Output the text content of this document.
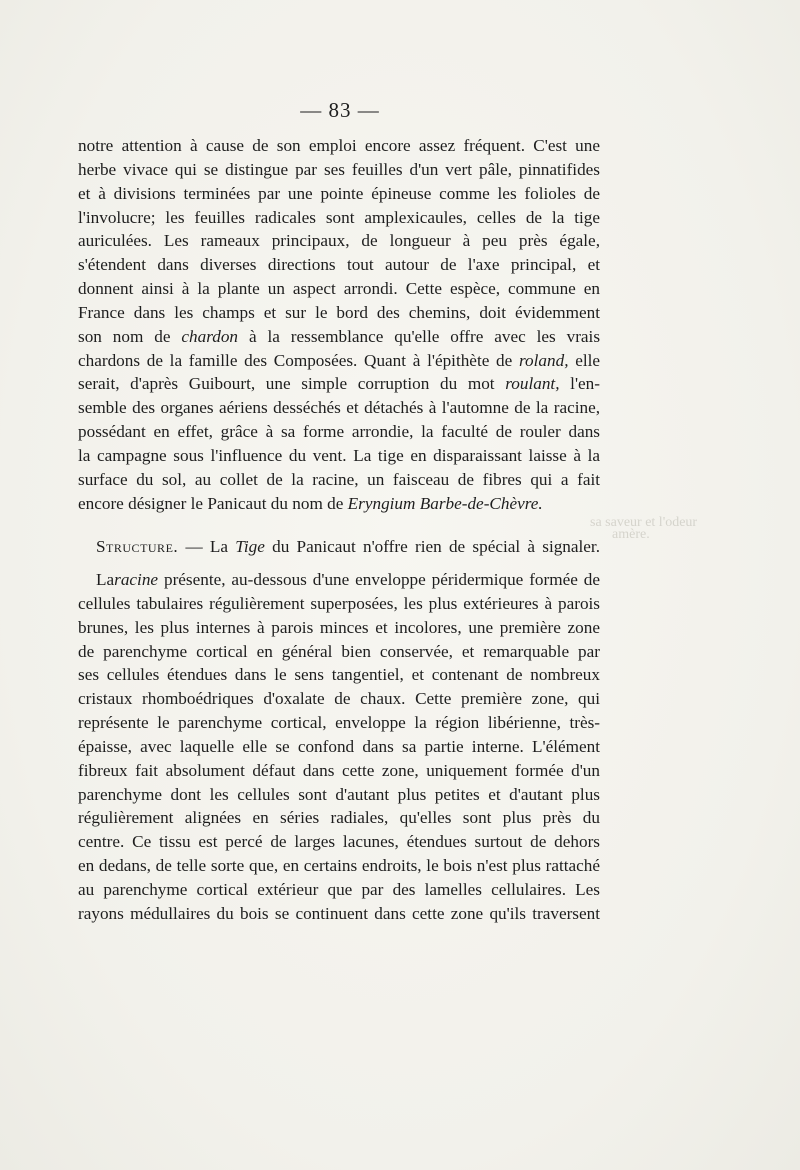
— 83 —
sa saveur et l'odeur
amère.
notre attention à cause de son emploi encore assez fréquent. C'est une
herbe vivace qui se distingue par ses feuilles d'un vert pâle, pinnatifides
et à divisions terminées par une pointe épineuse comme les folioles de
l'involucre; les feuilles radicales sont amplexicaules, celles de la tige
auriculées. Les rameaux principaux, de longueur à peu près égale,
s'étendent dans diverses directions tout autour de l'axe principal, et
donnent ainsi à la plante un aspect arrondi. Cette espèce, commune en
France dans les champs et sur le bord des chemins, doit évidemment
son nom de chardon à la ressemblance qu'elle offre avec les vrais
chardons de la famille des Composées. Quant à l'épithète de roland, elle
serait, d'après Guibourt, une simple corruption du mot roulant, l'en-
semble des organes aériens desséchés et détachés à l'automne de la racine,
possédant en effet, grâce à sa forme arrondie, la faculté de rouler dans
la campagne sous l'influence du vent. La tige en disparaissant laisse à la
surface du sol, au collet de la racine, un faisceau de fibres qui a fait
encore désigner le Panicaut du nom de Eryngium Barbe-de-Chèvre.
Structure. — La Tige du Panicaut n'offre rien de spécial à signaler.
Laracine présente, au-dessous d'une enveloppe péridermique formée de
cellules tabulaires régulièrement superposées, les plus extérieures à parois
brunes, les plus internes à parois minces et incolores, une première zone
de parenchyme cortical en général bien conservée, et remarquable par
ses cellules étendues dans le sens tangentiel, et contenant de nombreux
cristaux rhomboédriques d'oxalate de chaux. Cette première zone, qui
représente le parenchyme cortical, enveloppe la région libérienne, très-
épaisse, avec laquelle elle se confond dans sa partie interne. L'élément
fibreux fait absolument défaut dans cette zone, uniquement formée d'un
parenchyme dont les cellules sont d'autant plus petites et d'autant plus
régulièrement alignées en séries radiales, qu'elles sont plus près du
centre. Ce tissu est percé de larges lacunes, étendues surtout de dehors
en dedans, de telle sorte que, en certains endroits, le bois n'est plus rattaché
au parenchyme cortical extérieur que par des lamelles cellulaires. Les
rayons médullaires du bois se continuent dans cette zone qu'ils traversent
